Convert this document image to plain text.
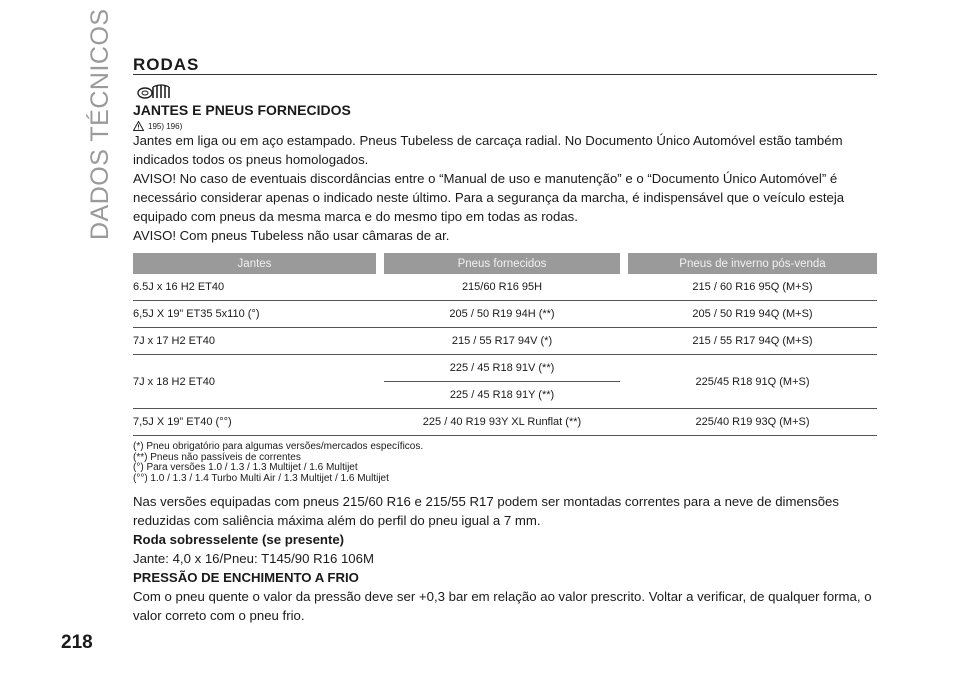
DADOS TÉCNICOS RODAS
JANTES E PNEUS FORNECIDOS
195) 196)
Jantes em liga ou em aço estampado. Pneus Tubeless de carcaça radial. No Documento Único Automóvel estão também
indicados todos os pneus homologados.
AVISO! No caso de eventuais discordâncias entre o “Manual de uso e manutenção” e o “Documento Único Automóvel” é
necessário considerar apenas o indicado neste último. Para a segurança da marcha, é indispensável que o veículo esteja
equipado com pneus da mesma marca e do mesmo tipo em todas as rodas.
AVISO! Com pneus Tubeless não usar câmaras de ar.
Jantes		Pneus fornecidos		Pneus de inverno pós-venda
6.5J x 16 H2 ET40		215/60 R16 95H		215 / 60 R16 95Q (M+S)
6,5J X 19” ET35 5x110 (°)		205 / 50 R19 94H (**)		205 / 50 R19 94Q (M+S)
7J x 17 H2 ET40		215 / 55 R17 94V (*)		215 / 55 R17 94Q (M+S)
7J x 18 H2 ET40		225 / 45 R18 91V (**)		225/45 R18 91Q (M+S)
		225 / 45 R18 91Y (**)		
7,5J X 19” ET40 (°°)		225 / 40 R19 93Y XL Runflat (**)		225/40 R19 93Q (M+S)
(*) Pneu obrigatório para algumas versões/mercados específicos.
(**) Pneus não passíveis de correntes
(°) Para versões 1.0 / 1.3 / 1.3 Multijet / 1.6 Multijet
(°°) 1.0 / 1.3 / 1.4 Turbo Multi Air / 1.3 Multijet / 1.6 Multijet
Nas versões equipadas com pneus 215/60 R16 e 215/55 R17 podem ser montadas correntes para a neve de dimensões
reduzidas com saliência máxima além do perfil do pneu igual a 7 mm.
Roda sobresselente (se presente)
Jante: 4,0 x 16/Pneu: T145/90 R16 106M
PRESSÃO DE ENCHIMENTO A FRIO
Com o pneu quente o valor da pressão deve ser +0,3 bar em relação ao valor prescrito. Voltar a verificar, de qualquer forma, o
valor correto com o pneu frio.
218
